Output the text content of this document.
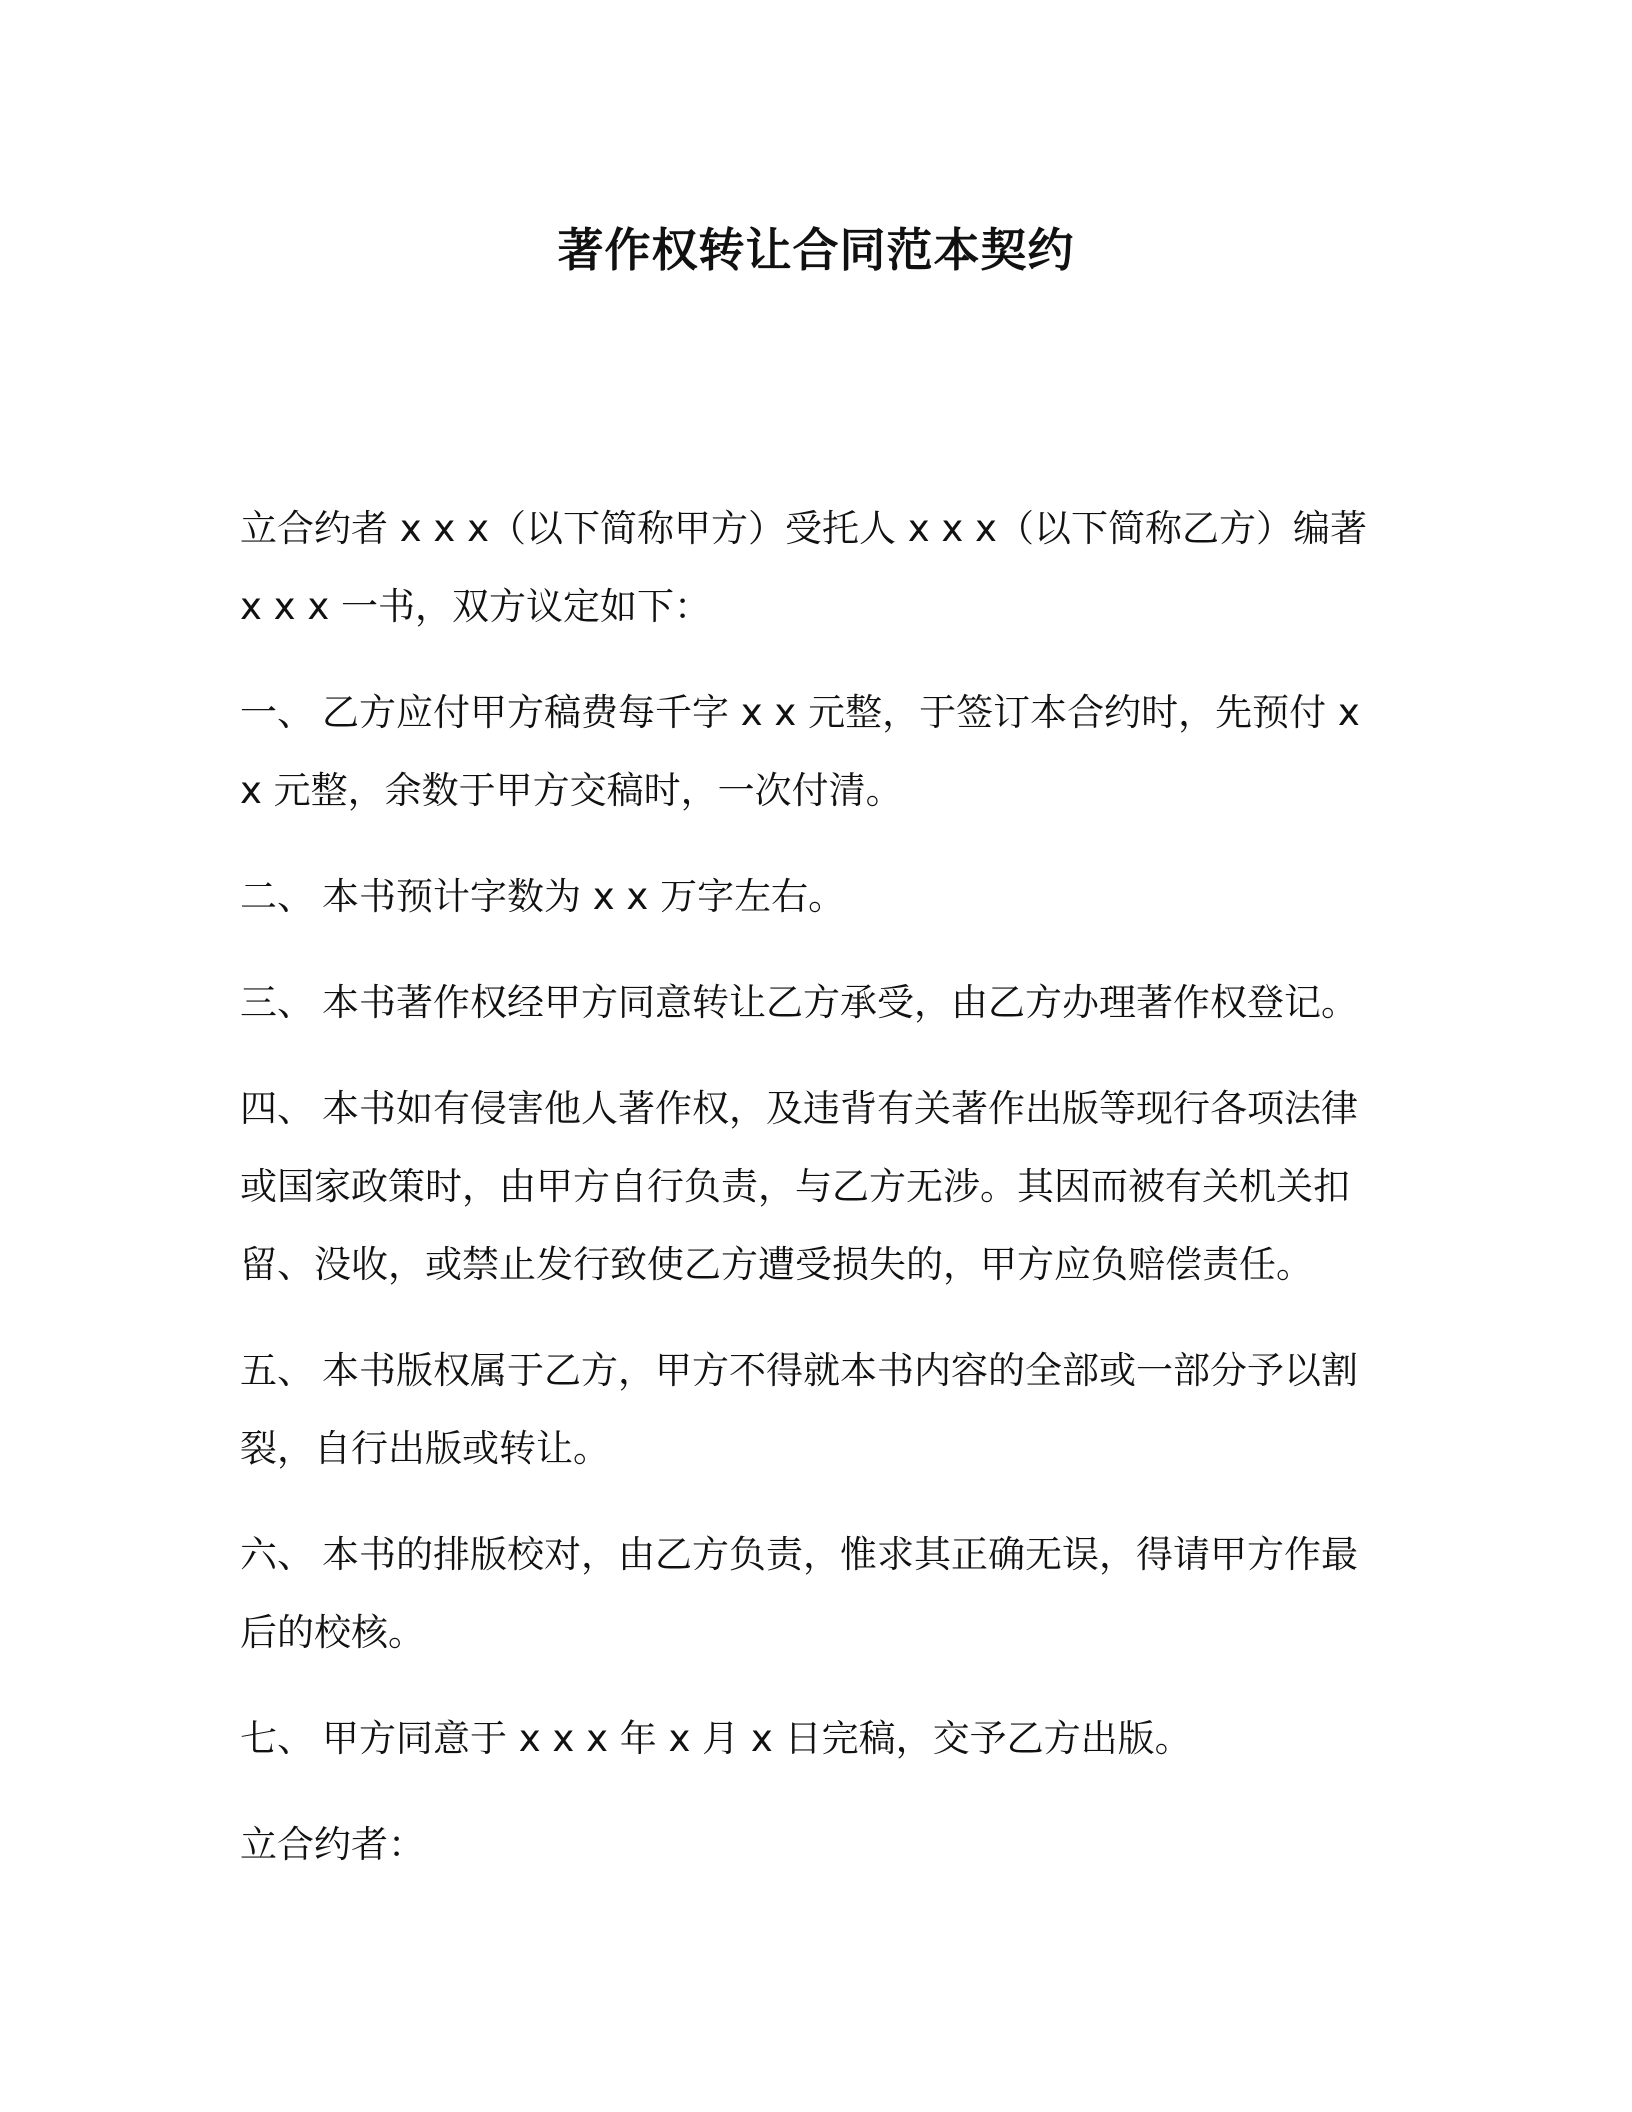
著作权转让合同范本契约

立合约者 x x x（以下简称甲方）受托人 x x x（以下简称乙方）编著 x x x 一书，双方议定如下：

一、 乙方应付甲方稿费每千字 x x 元整，于签订本合约时，先预付 x x 元整，余数于甲方交稿时，一次付清。

二、 本书预计字数为 x x 万字左右。

三、 本书著作权经甲方同意转让乙方承受，由乙方办理著作权登记。

四、 本书如有侵害他人著作权，及违背有关著作出版等现行各项法律或国家政策时，由甲方自行负责，与乙方无涉。其因而被有关机关扣留、没收，或禁止发行致使乙方遭受损失的，甲方应负赔偿责任。

五、 本书版权属于乙方，甲方不得就本书内容的全部或一部分予以割裂，自行出版或转让。

六、 本书的排版校对，由乙方负责，惟求其正确无误，得请甲方作最后的校核。

七、 甲方同意于 x x x 年 x 月 x 日完稿，交予乙方出版。

立合约者：
